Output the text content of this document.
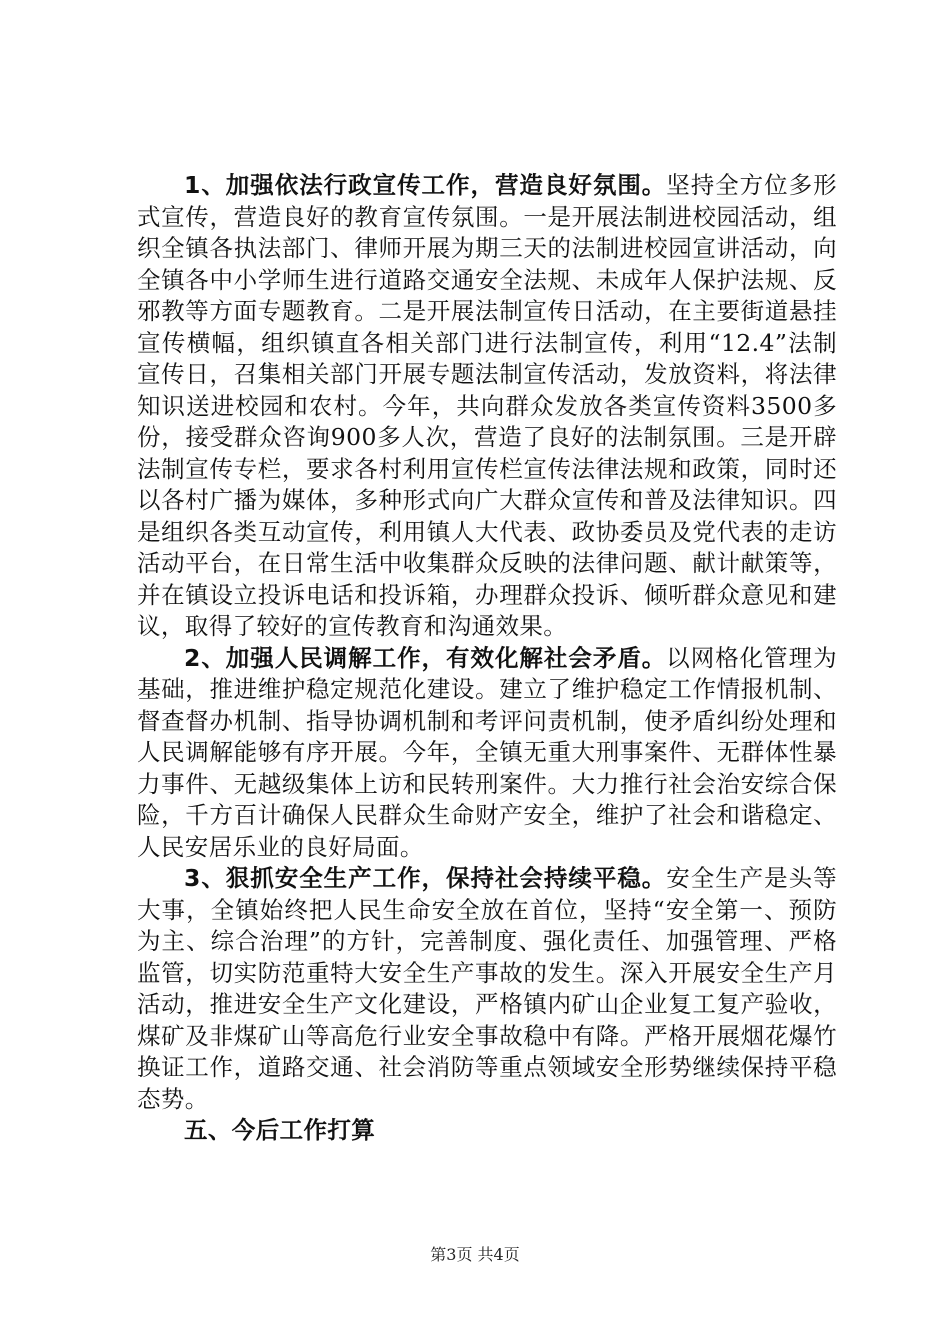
1、加强依法行政宣传工作，营造良好氛围。坚持全方位多形式宣传，营造良好的教育宣传氛围。一是开展法制进校园活动，组织全镇各执法部门、律师开展为期三天的法制进校园宣讲活动，向全镇各中小学师生进行道路交通安全法规、未成年人保护法规、反邪教等方面专题教育。二是开展法制宣传日活动，在主要街道悬挂宣传横幅，组织镇直各相关部门进行法制宣传，利用“12.4”法制宣传日，召集相关部门开展专题法制宣传活动，发放资料，将法律知识送进校园和农村。今年，共向群众发放各类宣传资料3500多份，接受群众咨询900多人次，营造了良好的法制氛围。三是开辟法制宣传专栏，要求各村利用宣传栏宣传法律法规和政策，同时还以各村广播为媒体，多种形式向广大群众宣传和普及法律知识。四是组织各类互动宣传，利用镇人大代表、政协委员及党代表的走访活动平台，在日常生活中收集群众反映的法律问题、献计献策等，并在镇设立投诉电话和投诉箱，办理群众投诉、倾听群众意见和建议，取得了较好的宣传教育和沟通效果。

2、加强人民调解工作，有效化解社会矛盾。以网格化管理为基础，推进维护稳定规范化建设。建立了维护稳定工作情报机制、督查督办机制、指导协调机制和考评问责机制，使矛盾纠纷处理和人民调解能够有序开展。今年，全镇无重大刑事案件、无群体性暴力事件、无越级集体上访和民转刑案件。大力推行社会治安综合保险，千方百计确保人民群众生命财产安全，维护了社会和谐稳定、人民安居乐业的良好局面。

3、狠抓安全生产工作，保持社会持续平稳。安全生产是头等大事，全镇始终把人民生命安全放在首位，坚持“安全第一、预防为主、综合治理”的方针，完善制度、强化责任、加强管理、严格监管，切实防范重特大安全生产事故的发生。深入开展安全生产月活动，推进安全生产文化建设，严格镇内矿山企业复工复产验收，煤矿及非煤矿山等高危行业安全事故稳中有降。严格开展烟花爆竹换证工作，道路交通、社会消防等重点领域安全形势继续保持平稳态势。

五、今后工作打算

第3页 共4页
